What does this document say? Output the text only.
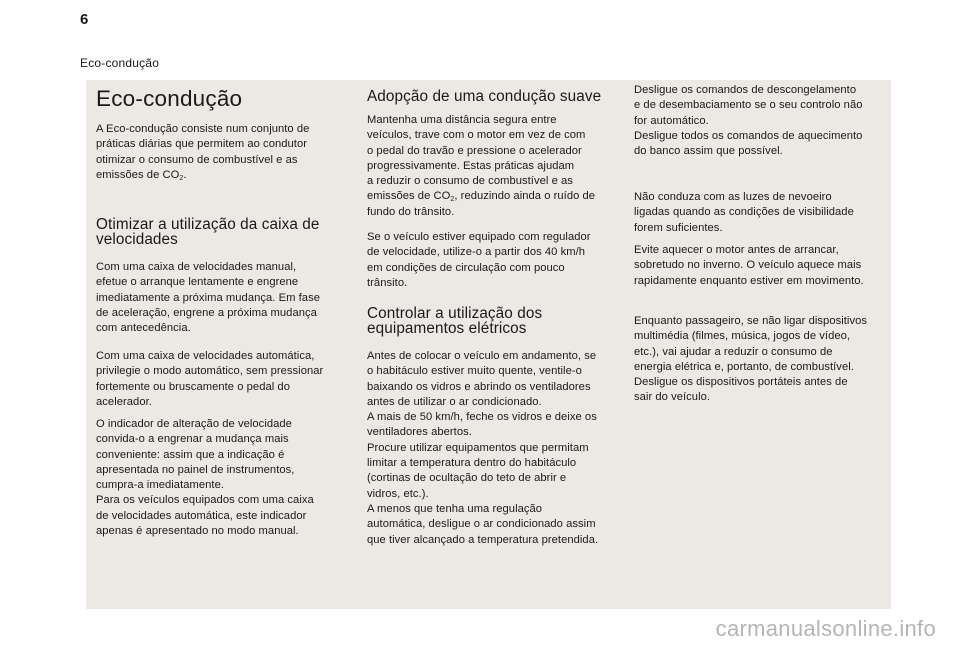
6
Eco-condução
Eco-condução
A Eco-condução consiste num conjunto de
práticas diárias que permitem ao condutor
otimizar o consumo de combustível e as
emissões de $CO_2$.
Otimizar a utilização da caixa de
velocidades
Com uma caixa de velocidades manual,
efetue o arranque lentamente e engrene
imediatamente a próxima mudança. Em fase
de aceleração, engrene a próxima mudança
com antecedência.
Com uma caixa de velocidades automática,
privilegie o modo automático, sem pressionar
fortemente ou bruscamente o pedal do
acelerador.
O indicador de alteração de velocidade
convida-o a engrenar a mudança mais
conveniente: assim que a indicação é
apresentada no painel de instrumentos,
cumpra-a imediatamente.
Para os veículos equipados com uma caixa
de velocidades automática, este indicador
apenas é apresentado no modo manual.
Adopção de uma condução suave
Mantenha uma distância segura entre
veículos, trave com o motor em vez de com
o pedal do travão e pressione o acelerador
progressivamente. Estas práticas ajudam
a reduzir o consumo de combustível e as
emissões de $CO_2$, reduzindo ainda o ruído de
fundo do trânsito.
Se o veículo estiver equipado com regulador
de velocidade, utilize-o a partir dos 40 km/h
em condições de circulação com pouco
trânsito.
Controlar a utilização dos
equipamentos elétricos
Antes de colocar o veículo em andamento, se
o habitáculo estiver muito quente, ventile-o
baixando os vidros e abrindo os ventiladores
antes de utilizar o ar condicionado.
A mais de 50 km/h, feche os vidros e deixe os
ventiladores abertos.
Procure utilizar equipamentos que permitam
limitar a temperatura dentro do habitáculo
(cortinas de ocultação do teto de abrir e
vidros, etc.).
A menos que tenha uma regulação
automática, desligue o ar condicionado assim
que tiver alcançado a temperatura pretendida.
Desligue os comandos de descongelamento
e de desembaciamento se o seu controlo não
for automático.
Desligue todos os comandos de aquecimento
do banco assim que possível.
Não conduza com as luzes de nevoeiro
ligadas quando as condições de visibilidade
forem suficientes.
Evite aquecer o motor antes de arrancar,
sobretudo no inverno. O veículo aquece mais
rapidamente enquanto estiver em movimento.
Enquanto passageiro, se não ligar dispositivos
multimédia (filmes, música, jogos de vídeo,
etc.), vai ajudar a reduzir o consumo de
energia elétrica e, portanto, de combustível.
Desligue os dispositivos portáteis antes de
sair do veículo.
carmanualsonline.info
